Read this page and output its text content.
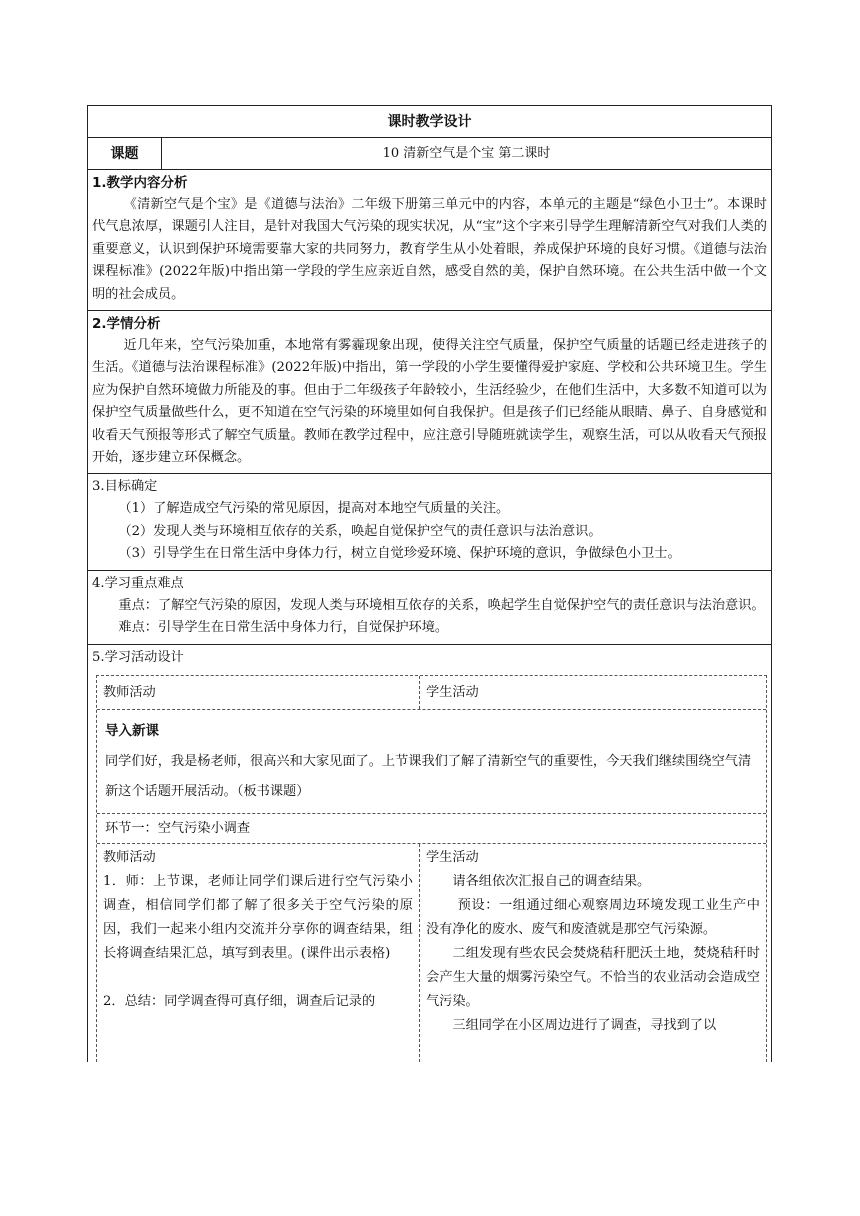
课时教学设计
课题	10 清新空气是个宝 第二课时
1.教学内容分析

《清新空气是个宝》是《道德与法治》二年级下册第三单元中的内容，本单元的主题是“绿色小卫士”。本课时代气息浓厚，课题引人注目，是针对我国大气污染的现实状况，从“宝”这个字来引导学生理解清新空气对我们人类的重要意义，认识到保护环境需要靠大家的共同努力，教育学生从小处着眼，养成保护环境的良好习惯。《道德与法治课程标准》(2022年版)中指出第一学段的学生应亲近自然，感受自然的美，保护自然环境。在公共生活中做一个文明的社会成员。

2.学情分析

近几年来，空气污染加重，本地常有雾霾现象出现，使得关注空气质量，保护空气质量的话题已经走进孩子的生活。《道德与法治课程标准》(2022年版)中指出，第一学段的小学生要懂得爱护家庭、学校和公共环境卫生。学生应为保护自然环境做力所能及的事。但由于二年级孩子年龄较小，生活经验少，在他们生活中，大多数不知道可以为保护空气质量做些什么，更不知道在空气污染的环境里如何自我保护。但是孩子们已经能从眼睛、鼻子、自身感觉和收看天气预报等形式了解空气质量。教师在教学过程中，应注意引导随班就读学生，观察生活，可以从收看天气预报开始，逐步建立环保概念。

3.目标确定

（1）了解造成空气污染的常见原因，提高对本地空气质量的关注。

（2）发现人类与环境相互依存的关系，唤起自觉保护空气的责任意识与法治意识。

（3）引导学生在日常生活中身体力行，树立自觉珍爱环境、保护环境的意识，争做绿色小卫士。

4.学习重点难点

重点：了解空气污染的原因，发现人类与环境相互依存的关系，唤起学生自觉保护空气的责任意识与法治意识。

难点：引导学生在日常生活中身体力行，自觉保护环境。

5.学习活动设计
教师活动	学生活动
导入新课
同学们好，我是杨老师，很高兴和大家见面了。上节课我们了解了清新空气的重要性，今天我们继续围绕空气清新这个话题开展活动。（板书课题）
环节一：空气污染小调查

教师活动

1．师：上节课，老师让同学们课后进行空气污染小调查，相信同学们都了解了很多关于空气污染的原因，我们一起来小组内交流并分享你的调查结果，组长将调查结果汇总，填写到表里。(课件出示表格)

2．总结：同学调查得可真仔细，调查后记录的

学生活动

请各组依次汇报自己的调查结果。

预设：一组通过细心观察周边环境发现工业生产中没有净化的废水、废气和废渣就是那空气污染源。

二组发现有些农民会焚烧秸秆肥沃土地，焚烧秸秆时会产生大量的烟雾污染空气。不恰当的农业活动会造成空气污染。

三组同学在小区周边进行了调查，寻找到了以
